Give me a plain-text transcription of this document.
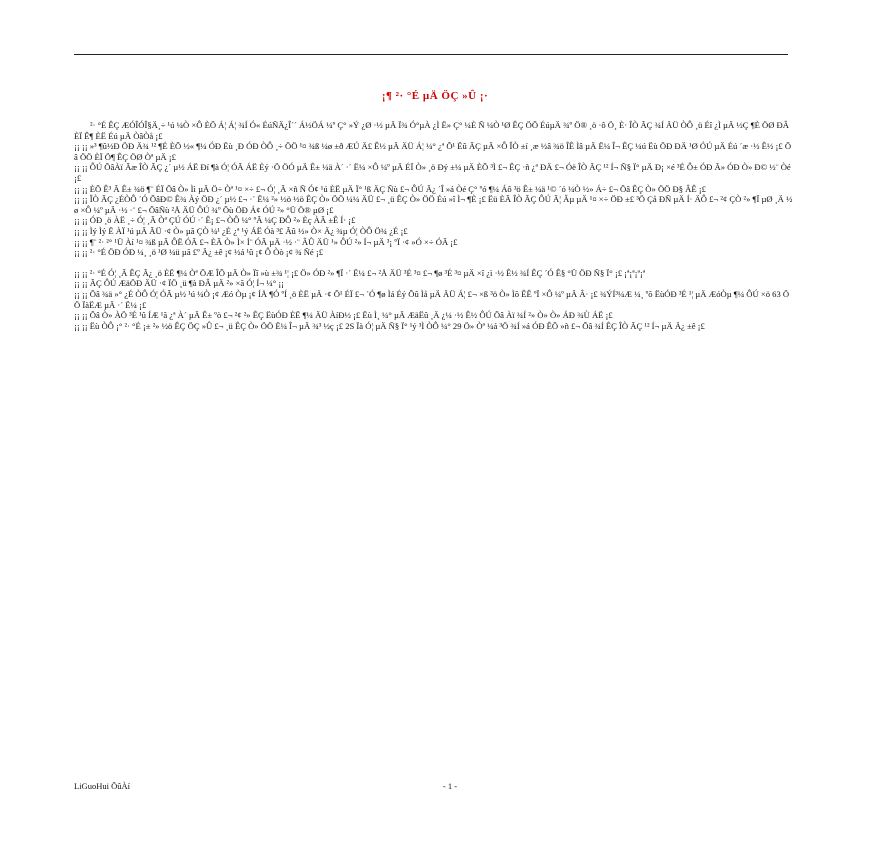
¡¶ ²· °É µÄ ÖÇ »Û ¡·

²· °É ÊÇ ÆÓÎÓÎ§Ä¸÷ ¹ú ¼Ò ×Ô ÈÕ Á¦ Á¦ ¾Í Ó« ÉúÑÄ¿Î´´ Á½ÖÁ ¼º Ç° »Ý ¿Ø ·½ µÄ Ï¾ Ó°µÀ ¿Ì Ë» Ç° ¼È Ñ ¼Ò ¹Ø ÊÇ ÖÕ ÉúµÄ ¾º Ö® ¸ö ·ô Ö¸ È· ÎÒ ÃÇ ¾Í ÄÜ ÒÔ ¸ü Éî ¿Ì µÄ ½Ç ¶È ÖØ ÐÂ ÈÏ Ê¶ ÈË Éú µÄ ÒâÒå ¡£

¡¡ ¡¡ »³ ¶û½Ð ÖÐ Ä¾ ¹² ¶É ÈÕ ½« ¶¼ ÓÐ Ëù ¸Ð ÓÐ ÒÔ ¸÷ ÖÖ ¹¤ ¾ß ¼ø ±ð ÆÚ Ä£ Ê½ µÄ ÄÜ Á¦ ¼° ¿ª Õ¹ Ëû ÃÇ µÄ ×Ô ÎÒ ±í ¸æ ½â ¾ö ÎÊ Ìâ µÄ Ë¼ Î¬ ÊÇ ¼ú Ëù ÖÐ ÐÄ ¹Ø ÓÚ µÄ Éú ´æ ·½ Ê½ ¡£ Õâ ÖÖ ÈÏ Ö¶ ÊÇ ÖØ Òª µÄ ¡£

¡¡ ¡¡ ÔÚ ÕâÀï Ãæ ÎÒ ÃÇ ¿´ µ½ ÁË Ðí ¶à Ó¦ ÓÃ ÁË Èý ·Ö ÖÓ µÄ Ê± ¼ä À´ ·´ Ë¼ ×Ô ¼º µÄ ÉÏ Ò» ¸ö Ðý ±¼ µÄ ÈÕ ³Ì £¬ ÊÇ ·ñ ¿ª ÐÄ £¬ Óë ÎÒ ÃÇ ¹² Í¬ Ñ§ Ï° µÄ Ð¡ ×é ³É Ô± ÓÐ Ã» ÓÐ Ò» Ð© ½¨ Òé ¡£

¡¡ ¡¡ ÈÕ Ê³ Ã Ê± ¾ö ¶¨ ÉÏ Õâ Ò» Ìì µÄ Ö÷ Òª ¹¤ ×÷ £¬ Ó¦ ¸Ã ×ñ Ñ Ó¢ ¹ú ÈË µÄ Ï° ¹ß ÄÇ Ñù £¬ ÔÚ Ã¿ ´Î »á Òé Ç° ºó ¶¼ Áô ³ö Ê± ¼ä ¹© ´ó ¼Ò ½» Á÷ £¬ Õâ ÊÇ Ò» ÖÖ Ð§ ÂÊ ¡£

¡¡ ¡¡ ÎÒ ÃÇ ¿ÉÒÔ ´Ó ÕâÐ© Ê¾ Àý ÖÐ ¿´ µ½ £¬ ·´ Ë¼ ²» ½ö ½ö ÊÇ Ò» ÖÖ ¼¼ ÄÜ £¬ ¸ü ÊÇ Ò» ÖÖ Éú »î Ì¬ ¶È ¡£ Ëü ÈÃ ÎÒ ÃÇ ÔÚ Ã¦ Âµ µÄ ¹¤ ×÷ ÖÐ ±£ ³Ö Çå ÐÑ µÄ Í· ÄÔ £¬ ²¢ ÇÒ ²» ¶Ï µØ ¸Ä ½ø ×Ô ¼º µÄ ·½ ·¨ £¬ ÕâÑù ²Å ÄÜ ÔÚ ¾º Õù ÖÐ Á¢ ÓÚ ²» °Ü Ö® µØ ¡£

¡¡ ¡¡ ÓÐ ¸ö ÀË ¸÷ Ó¦ ¸Ã Òª ÇÚ ÓÚ ·´ Ê¡ £¬ ÒÔ ¼° ºÃ ¼Ç ÐÔ ²» Èç ÀÃ ±Ê Í· ¡£

¡¡ ¡¡ Ìý Ìý Ë ÀÏ ¹ú µÄ ÃÜ ·¢ Ò» µã ÇÒ ¼¹ ¿É ¿ª ¹ý ÁË Óà ³£ Ãû ½» Ò× Ä¿ ¾µ Ó¦ ÒÔ Ö¾ ¿É ¡£

¡¡ ¡¡ ¶¨ ²· ²° ¹Ü Àí ¹¤ ¾ß µÄ ÔË ÓÃ £¬ ÈÃ Ò» Ì× Í¨ ÓÃ µÄ ·½ ·¨ ÂÛ ÄÜ ¹» ÔÚ ²» Í¬ µÄ ³¡ ºÏ ·¢ »Ó ×÷ ÓÃ ¡£

¡¡ ¡¡ ²· °É ÖÐ ÓÐ ¼¸ ¸ö ¹Ø ¼ü µã £º Ä¿ ±ê ¡¢ ½á ¹û ¡¢ Ô Òò ¡¢ ¾ Ñé ¡£

¡¡ ¡¡ ²· °É Ó¦ ¸Ã ÊÇ Ã¿ ¸ö ÈË ¶¼ Òª ÕÆ ÎÕ µÄ Ò» Ïî »ù ±¾ ¹¦ ¡£ Ö» ÓÐ ²» ¶Ï ·´ Ë¼ £¬ ²Å ÄÜ ³É ³¤ £¬ ¶ø ³É ³¤ µÄ ×î ¿ì ·½ Ê½ ¾Í ÊÇ ´Ó Ê§ °Ü ÖÐ Ñ§ Ï° ¡£ ¡ª¡ª¡ª¡ª

¡¡ ¡¡ ÃÇ ÔÚ ÆäÖÐ ÄÜ ·¢ ÏÖ ¸ü ¶à ÐÂ µÄ ²» ×ã Ó¦ Í¬ ¼° ¡¡

¡¡ ¡¡ Õâ ¾ä »° ¿É ÒÔ Ó¦ ÓÃ µ½ ¹ú ¼Ò ¡¢ Æó Òµ ¡¢ ÍÅ ¶Ó ºÍ ¸ö ÈË µÄ ·¢ Õ¹ ÉÏ £¬ ´Ó ¶ø Ìá Éý Õû Ìå µÄ ÄÜ Á¦ £¬ ×ß ³ö Ò» Ìõ ÊÊ ºÏ ×Ô ¼º µÄ Â· ¡£ ¾ÝÍ³¼Æ ¼¸ ºõ ËùÓÐ ³É ¹¦ µÄ ÆóÒµ ¶¼ ÔÚ ×ö 63 ÖÖ ÏàËÆ µÄ ·´ Ë¼ ¡£

¡¡ ¡¡ Õâ Ò» ÀÖ ³É ¹û ÍÆ ¹ã ¿ª À´ µÄ Ê± ºò £¬ ²¢ ²» ÊÇ ËùÓÐ ÈË ¶¼ ÄÜ ÀíÐ½ ¡£ Ëù Ì¸ ¼° µÄ ÆäËû ¸Ä ¿¼ ·½ Ê½ ÔÚ Õâ Àï ¾Í ²» Ò» Ò» ÁÐ ¾Ù ÁË ¡£

¡¡ ¡¡ Ëù ÒÔ ¡° ²· °É ¡± ²» ½ö ÊÇ ÖÇ »Û £¬ ¸ü ÊÇ Ò» ÖÖ Ë¼ Î¬ µÄ ¾³ ½ç ¡£ 2S Ïà Ó¦ µÄ Ñ§ Ï° ¹ý ³Ì ÒÔ ¼° 29 Ö» Òª ¼á ³Ö ¾Í »á ÓÐ ÊÕ »ñ £¬ Õâ ¾Í ÊÇ ÎÒ ÃÇ ¹² Í¬ µÄ Ä¿ ±ê ¡£

LiGuoHui ÕûÀí	- 1 -
